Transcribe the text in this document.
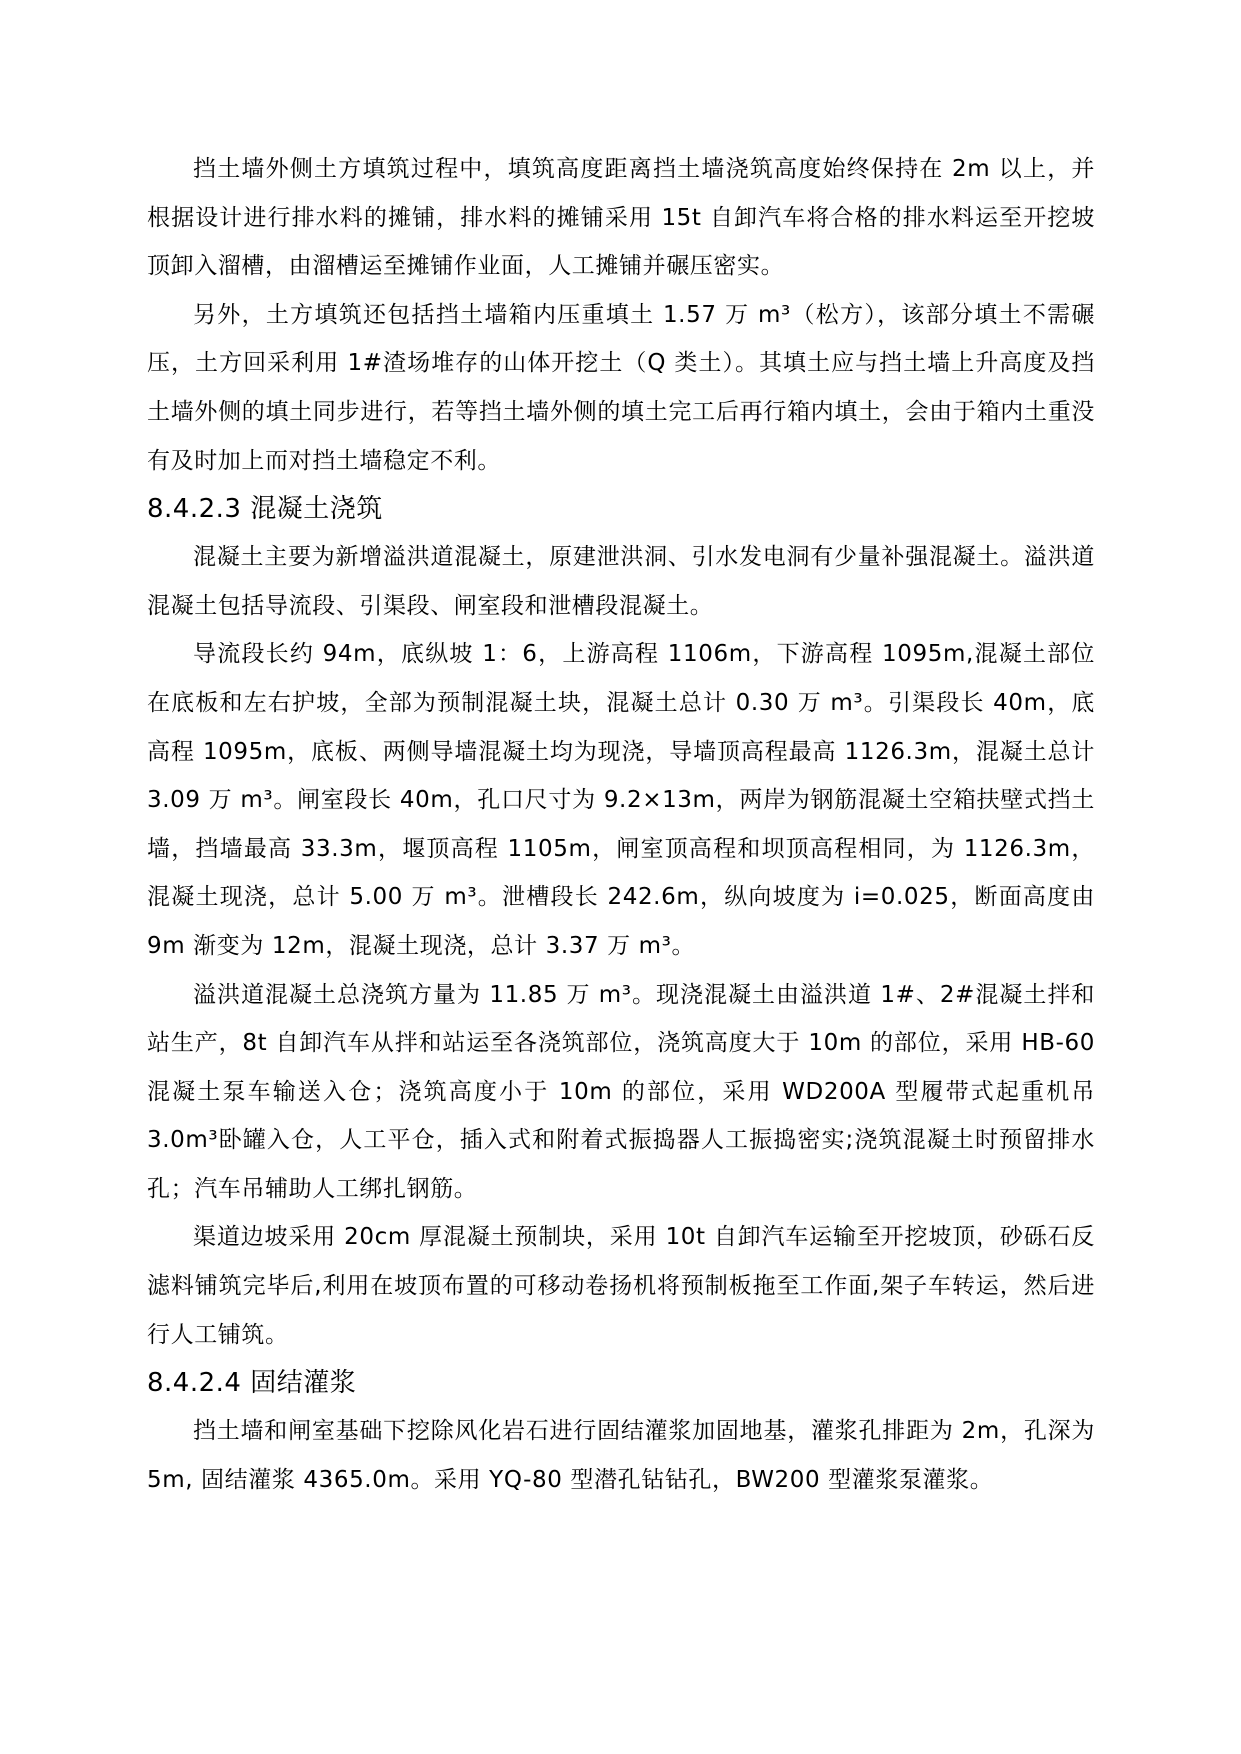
挡土墙外侧土方填筑过程中，填筑高度距离挡土墙浇筑高度始终保持在 2m 以上，并根据设计进行排水料的摊铺，排水料的摊铺采用 15t 自卸汽车将合格的排水料运至开挖坡顶卸入溜槽，由溜槽运至摊铺作业面，人工摊铺并碾压密实。

另外，土方填筑还包括挡土墙箱内压重填土 1.57 万 m³（松方），该部分填土不需碾压，土方回采利用 1#渣场堆存的山体开挖土（Q 类土）。其填土应与挡土墙上升高度及挡土墙外侧的填土同步进行，若等挡土墙外侧的填土完工后再行箱内填土，会由于箱内土重没有及时加上而对挡土墙稳定不利。

8.4.2.3 混凝土浇筑

混凝土主要为新增溢洪道混凝土，原建泄洪洞、引水发电洞有少量补强混凝土。溢洪道混凝土包括导流段、引渠段、闸室段和泄槽段混凝土。

导流段长约 94m，底纵坡 1：6，上游高程 1106m，下游高程 1095m,混凝土部位在底板和左右护坡，全部为预制混凝土块，混凝土总计 0.30 万 m³。引渠段长 40m，底高程 1095m，底板、两侧导墙混凝土均为现浇，导墙顶高程最高 1126.3m，混凝土总计 3.09 万 m³。闸室段长 40m，孔口尺寸为 9.2×13m，两岸为钢筋混凝土空箱扶壁式挡土墙，挡墙最高 33.3m，堰顶高程 1105m，闸室顶高程和坝顶高程相同，为 1126.3m，混凝土现浇，总计 5.00 万 m³。泄槽段长 242.6m，纵向坡度为 i=0.025，断面高度由 9m 渐变为 12m，混凝土现浇，总计 3.37 万 m³。

溢洪道混凝土总浇筑方量为 11.85 万 m³。现浇混凝土由溢洪道 1#、2#混凝土拌和站生产，8t 自卸汽车从拌和站运至各浇筑部位，浇筑高度大于 10m 的部位，采用 HB-60 混凝土泵车输送入仓；浇筑高度小于 10m 的部位，采用 WD200A 型履带式起重机吊 3.0m³卧罐入仓，人工平仓，插入式和附着式振捣器人工振捣密实;浇筑混凝土时预留排水孔；汽车吊辅助人工绑扎钢筋。

渠道边坡采用 20cm 厚混凝土预制块，采用 10t 自卸汽车运输至开挖坡顶，砂砾石反滤料铺筑完毕后,利用在坡顶布置的可移动卷扬机将预制板拖至工作面,架子车转运，然后进行人工铺筑。

8.4.2.4 固结灌浆

挡土墙和闸室基础下挖除风化岩石进行固结灌浆加固地基，灌浆孔排距为 2m，孔深为 5m, 固结灌浆 4365.0m。采用 YQ-80 型潜孔钻钻孔，BW200 型灌浆泵灌浆。
